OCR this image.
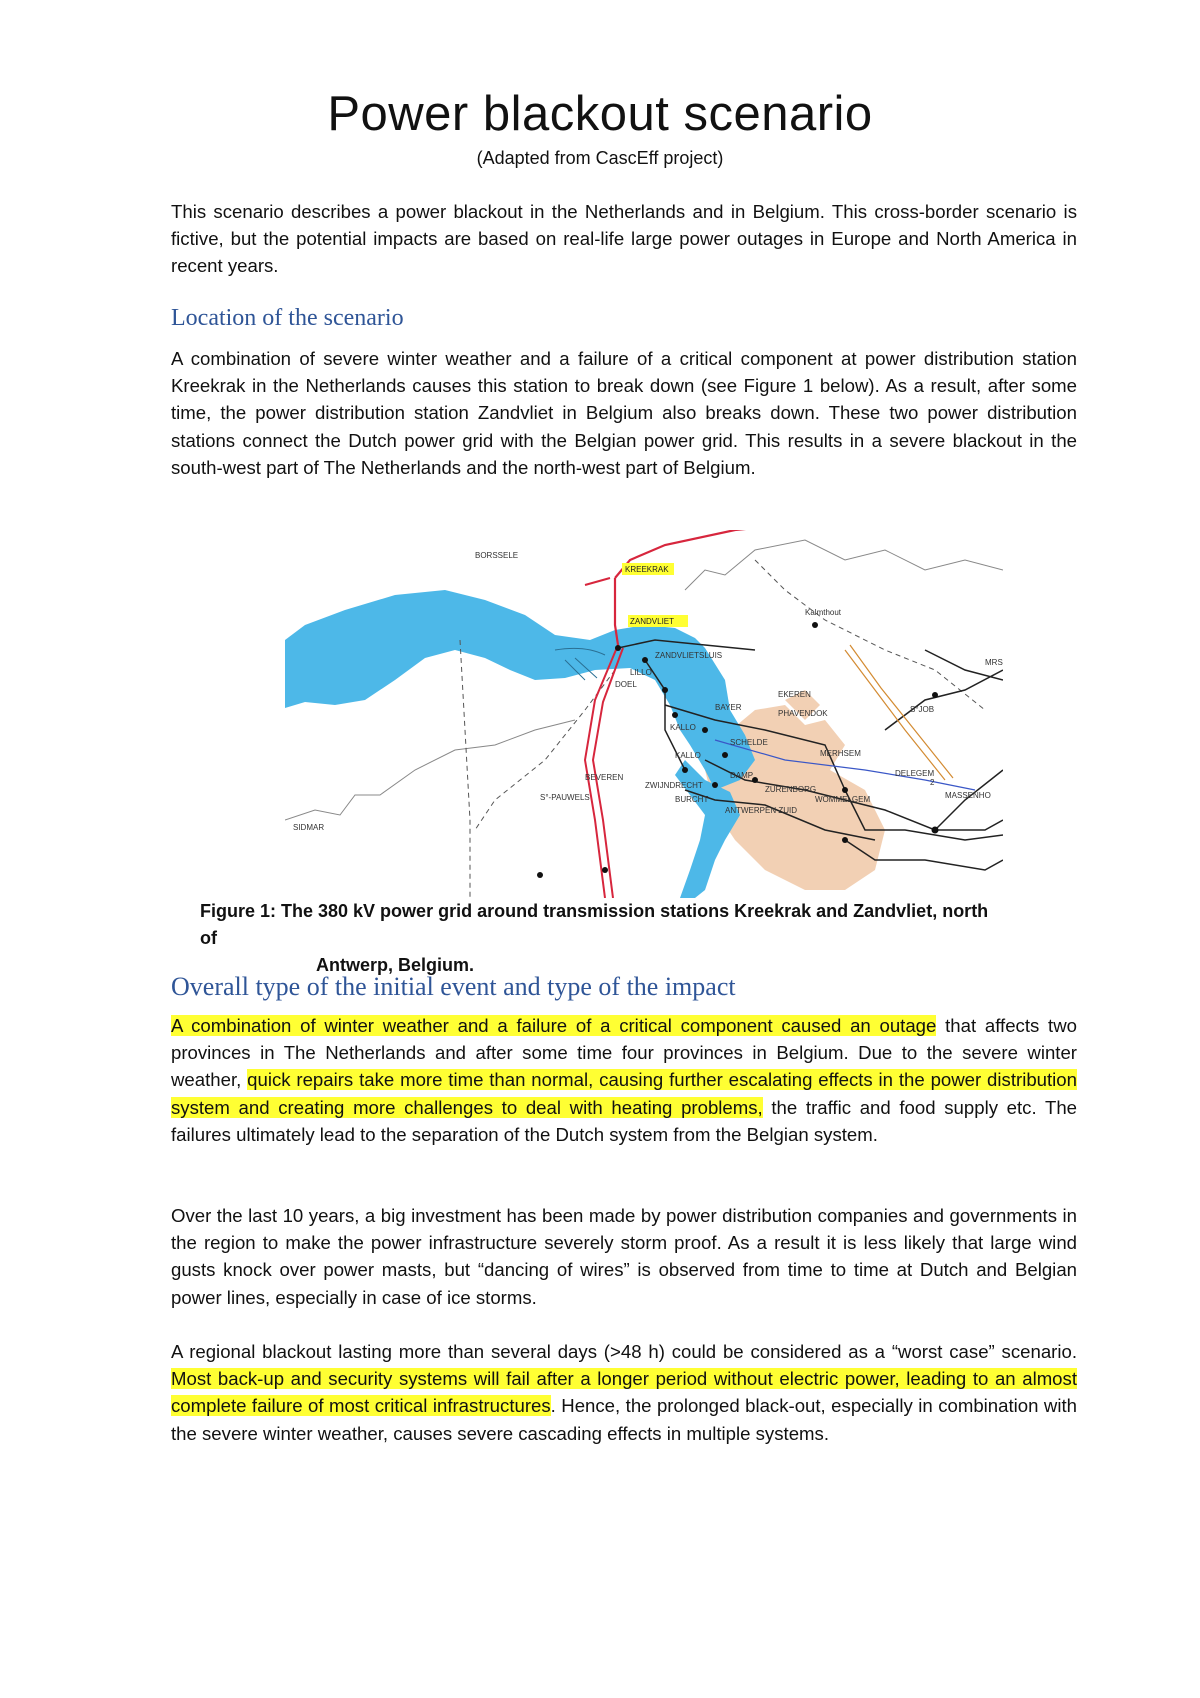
Power blackout scenario

(Adapted from CascEff project)

This scenario describes a power blackout in the Netherlands and in Belgium. This cross-border scenario is fictive, but the potential impacts are based on real-life large power outages in Europe and North America in recent years.

Location of the scenario

A combination of severe winter weather and a failure of a critical component at power distribution station Kreekrak in the Netherlands causes this station to break down (see Figure 1 below). As a result, after some time, the power distribution station Zandvliet in Belgium also breaks down. These two power distribution stations connect the Dutch power grid with the Belgian power grid. This results in a severe blackout in the south-west part of The Netherlands and the north-west part of Belgium.

KREEKRAK
ZANDVLIET
BORSSELE
Kalmthout
ZANDVLIETSLUIS
DOEL
EKEREN
PHAVENDOK
BAYER
KALLO
KALLO
LILLO
SCHELDE
MERHSEM
DELEGEM
BEVEREN
ZWIJNDRECHT
DAMP
BURCHT
ZURENBORG
WOMMELGEM
ANTWERPEN ZUID
S°-PAUWELS
SIDMAR
S°JOB
MASSENHO
MRS
2

Figure 1: The 380 kV power grid around transmission stations Kreekrak and Zandvliet, north of
Antwerp, Belgium.

Overall type of the initial event and type of the impact

A combination of winter weather and a failure of a critical component caused an outage that affects two provinces in The Netherlands and after some time four provinces in Belgium. Due to the severe winter weather, quick repairs take more time than normal, causing further escalating effects in the power distribution system and creating more challenges to deal with heating problems, the traffic and food supply etc. The failures ultimately lead to the separation of the Dutch system from the Belgian system.

Over the last 10 years, a big investment has been made by power distribution companies and governments in the region to make the power infrastructure severely storm proof. As a result it is less likely that large wind gusts knock over power masts, but “dancing of wires” is observed from time to time at Dutch and Belgian power lines, especially in case of ice storms.

A regional blackout lasting more than several days (>48 h) could be considered as a “worst case” scenario. Most back-up and security systems will fail after a longer period without electric power, leading to an almost complete failure of most critical infrastructures. Hence, the prolonged black-out, especially in combination with the severe winter weather, causes severe cascading effects in multiple systems.
